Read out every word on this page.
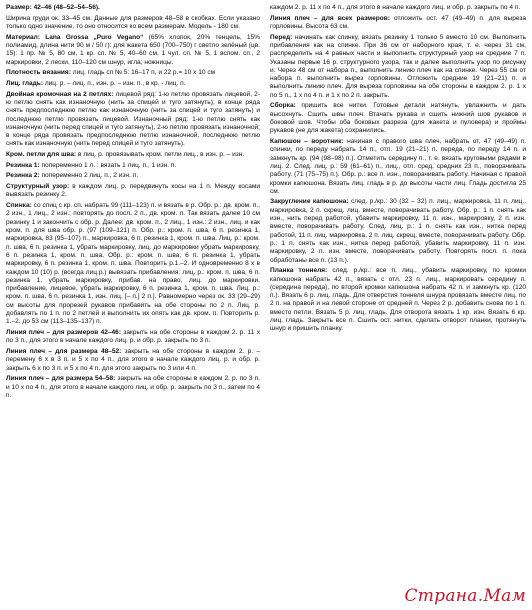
Размер: 42–46 (48–52–54–56).

Ширина груди ок. 33–45 см. Данные для размеров 48–58 в скобках. Если указано только одно значение, то оно относится ко всем размерам. Модель - 180 см.

Материал: Lana Grossa „Puro Vegano“ (65% хлопок, 20% тенцель, 15% полиамид, длина нити 90 м / 50 г): для жакета 650 (700–750) г светло зелёный (цв. 15): 1 пр. № 5, 80 см, 1 кр. сп. № 5, 40–60 см, 1 чул. сп. № 5, 1 вспом. сп., 2 маркировки, 2 лески, 110–120 см шнур, игла; ножницы.

Плотность вязания: лиц. гладь сп № 5: 16–17 п, и 22 р.= 10 х 10 см

Лиц. гладь: лиц. р. – лиц. п., изн. р. – изн. п., в кр. - лиц. п.

Двойная кромочная на 2 петлях: лицевой ряд: 1-ю петлю провязать лицевой, 2-ю петлю снять как изнаночную (нить за спицей и туго затянуть); в конце ряда снять предпоследнюю петлю как изнаночную (нить за спицей и туго затянуть) и последнюю петлю провязать лицевой. Изнаночный ряд: 1-ю петлю снять как изнаночную (нить перед спицей и туго затянуть), 2-ю петлю провязать изнаночной; в конце ряда провязать предпоследнюю петлю изнаночной, последнюю петлю снять как изнаночную (нить перед спицей и туго затянуть).

Кром. петли для шва: в лиц. р. провязывать кром. петли лиц., в изн. р. – изн.

Резинка 1: попеременно 1 л. : вязать 1 лиц. п., 1 изн. п.

Резинка 2: попеременно 2 лиц. п., 2 изн. п.

Структурный узор: в каждом лиц. р. передвинуть косы на 1 п. Между косами вывязать резинку 2.

Спинка: со спиц с кр. сп. набрать 99 (111–123) п. и вязать в р. Обр. р.: дв. кром. п., 2 изн., 1 лиц., 2 изн.; повторять до посл. 2 п., дв. кром. п. Так вязать далее 10 см резинку 1 и закончить с обр. р. Далее: дв. кром. п., 2 лиц., 1 изн.: 2 изн., лиц. и как кром. п. для шва обр. р. (97 (109–121) п. Обр. р.: кром. п. шва, 6 п. резинка 1, маркировка, 83 (95–107) п., маркировка, 6 п. резинка 1, кром. п. шва. Лиц. р.: кром. п. шва, 6 п. резинка 1, убрать маркировку, лиц. до маркировки убрать маркировку, 6 п. резинка 1, кром. п. шва. Обр. р.: кром. п. шва, 6 п. резинка 1, убрать маркировку, 6 п. резинка 1, кром. п. шва. Повторить р.1.–2. И одновременно 8 х в каждом 10 (10) р. (всегда лиц.р.) вывязать прибавления: лиц. р.: кром. п. шва, 6 п. резинка 1, убрать маркировку, прибав. на право, лиц. до маркировки, прибавление, лицевое, убрать маркировку, 6 п. резинка 1, кром. п. шва. Лиц. р.: кром. п. шва, 6 п. резинка 1, изн. лиц. [– п.] 2 п.]. Равномерно через ок. 33 (29–29) см высоты для прорезей рукавов прибавить на обе стороны по 2 п. Лиц. р. добавлять по 1 п. по 2 петлей и выполнить их опять как дв. кром. п. Повторить р. 1.–2. до 53 см (113–135–137) п.

Линия плеч – для размеров 42–46: закрыть на обе стороны в каждом 2. р. 11 х по 3 п., для этого в начале каждого лиц. р. и обр. р. закрыть по 3 п.

Линия плеч – для размера 48–52: закрыть на обе стороны в каждом 2. р. – перемену 6 х в 3 п. и 5 х по 4 п., для этого в начале каждого лиц. р. и обр. р. закрыть 6 х по 3 п. и 5 х по 4 п. для этого закрыть по 3 или 4 п.

Линия плеч – для размера 54–58: закрыть на обе стороны в каждом 2. р. по 3 п. и 10 х по 4 п., для этого в начале каждого лиц. и обр. р. закрыть по 3 п., затем по 4 п.

каждом 2. р. 11 х по 4 п., для этого в начале каждого лиц. и обр. р. закрыть по 4 п.

Линия плеч – для всех размеров: отложить ост. 47 (49–49) п. для вырезa горловины. Высота 63 см.

Перед: начинать как спинку, вязать резинку 1 только 5 вместо 10 см. Выполнить прибавления как на спинке. При 36 см от наборного края, т. е. через 31 см, распределить на 4 равных части и выполнить структурный узор на средние 7 п. Указаны первые 16 р. структурного узора, так и далее выполнить узор по рисунку и. Через 48 см от набора п., выполнить линию плеч как на спинке. Через 55 см от набора п. выполнить вырез горловины. Отложить средние 19 (21–21) п. и выполнить линию плеч. Для выреза горловины на обе стороны в каждом 2. р. 1 х по 5 п., 1 х по 4 п. и 1 х по 2 п. закрыть.

Сборка: пришить все нитки. Готовые детали натянуть, увлажнить и дать высохнуть. Сшить швы плеч. Втачать рукава и сшить нижний шов рукавов и боковой шов. Чтобы оба боковых разреза (для жакета и пуловера) и проймы рукавов (не для жакета) сохранились.

Капюшон – воротник: начиная с правого шва плеч, набрать от, 47 (49–49) п. спинки, по переду набрать 14 п., отл. 19 (21–21) п. переда, по переду 14 п. и замкнуть кр. (94 (98–98) п.). Отметить середину п., т. е. вязать круговыми рядами в лиц. 2. След. лиц. р.: 59 (61–61) п., лиц., отл. сред. средних 23 п., поворачивать работу. (71 (75–75) п.). Обр. р.: все п. изн., поворачивать работу. Начиная с правой кромки капюшона. Вязать лиц. гладь в р. до высоты части лиц. Гладь достигла 25 см.

Закругление капюшона: след. р./кр.: 30 (32 – 32) п. лиц., маркировка, 11 п. лиц., маркировка, 2 п. скрещ. лиц. вместе, поворачивать работу. Обр. р.: 1 п. снять как изн., нить перед работой, убавить маркировку, 11 п. изн., маркировку, 2 п. изн. вместе, поворачивать работу. След. лиц. р.: 1 п. снять как изн., нитка перед работой, 11 п. лиц. маркировка, 2 п. лиц. скрещ. вместе, поворачивать работу. Обр. р.: 1 п. снять как изн., нитка перед работой, убавить маркировку, 11 п. изн. маркировку, 2 п. изн. вместе, поворачивать работу. Повторять посл. п. пока обработаны все п. (13 п.).

Планка тоннеля: след. р./кр.: все п. лиц., убавить маркировку, по кромки капюшона набрать 42 п., вязать с отл. 23 п. лиц., маркировать середину п. (середина переда), по второй кромки капюшона набрать 42 п. и замкнуть кр. (120 п.). Вязать 6 р. лиц. гладь. Для отверстия тоннеля шнура провязать вместе лиц. по 2 п. на правой и на левой стороне от средней п. Через 2 р. добавить снова по 1 п. вместо петли. Вязать 5 р. лиц. гладь. Для отворота вязать 1 кр. изн. Вязать 6 кр. лиц. гладь. Закрыть все п. Сшить ост. нитки, сделать отворот планки, протянуть шнур и пришить планку.

Страна.Мам
